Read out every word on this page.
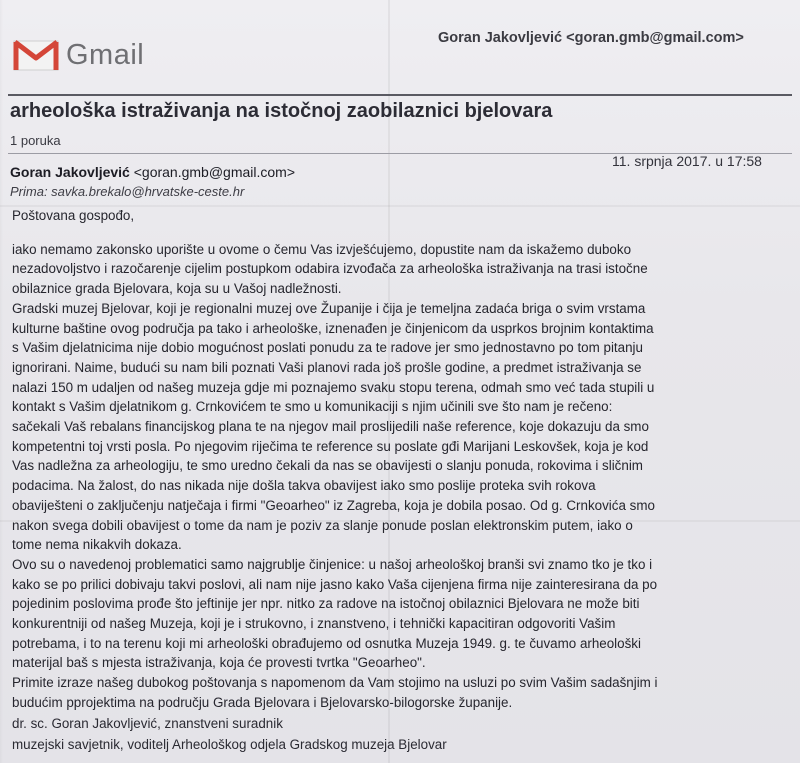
Gmail
Goran Jakovljević <goran.gmb@gmail.com>
arheološka istraživanja na istočnoj zaobilaznici bjelovara
1 poruka
Goran Jakovljević <goran.gmb@gmail.com>
11. srpnja 2017. u 17:58
Prima: savka.brekalo@hrvatske-ceste.hr
Poštovana gospođo,
iako nemamo zakonsko uporište u ovome o čemu Vas izvješćujemo, dopustite nam da iskažemo duboko
nezadovoljstvo i razočarenje cijelim postupkom odabira izvođača za arheološka istraživanja na trasi istočne
obilaznice grada Bjelovara, koja su u Vašoj nadležnosti.
Gradski muzej Bjelovar, koji je regionalni muzej ove Županije i čija je temeljna zadaća briga o svim vrstama
kulturne baštine ovog područja pa tako i arheološke, iznenađen je činjenicom da usprkos brojnim kontaktima
s Vašim djelatnicima nije dobio mogućnost poslati ponudu za te radove jer smo jednostavno po tom pitanju
ignorirani. Naime, budući su nam bili poznati Vaši planovi rada još prošle godine, a predmet istraživanja se
nalazi 150 m udaljen od našeg muzeja gdje mi poznajemo svaku stopu terena, odmah smo već tada stupili u
kontakt s Vašim djelatnikom g. Crnkovićem te smo u komunikaciji s njim učinili sve što nam je rečeno:
sačekali Vaš rebalans financijskog plana te na njegov mail proslijedili naše reference, koje dokazuju da smo
kompetentni toj vrsti posla. Po njegovim riječima te reference su poslate gđi Marijani Leskovšek, koja je kod
Vas nadležna za arheologiju, te smo uredno čekali da nas se obavijesti o slanju ponuda, rokovima i sličnim
podacima. Na žalost, do nas nikada nije došla takva obavijest iako smo poslije proteka svih rokova
obaviješteni o zaključenju natječaja i firmi "Geoarheo" iz Zagreba, koja je dobila posao. Od g. Crnkovića smo
nakon svega dobili obavijest o tome da nam je poziv za slanje ponude poslan elektronskim putem, iako o
tome nema nikakvih dokaza.
Ovo su o navedenoj problematici samo najgrublje činjenice: u našoj arheološkoj branši svi znamo tko je tko i
kako se po prilici dobivaju takvi poslovi, ali nam nije jasno kako Vaša cijenjena firma nije zainteresirana da po
pojedinim poslovima prođe što jeftinije jer npr. nitko za radove na istočnoj obilaznici Bjelovara ne može biti
konkurentniji od našeg Muzeja, koji je i strukovno, i znanstveno, i tehnički kapacitiran odgovoriti Vašim
potrebama, i to na terenu koji mi arheološki obrađujemo od osnutka Muzeja 1949. g. te čuvamo arheološki
materijal baš s mjesta istraživanja, koja će provesti tvrtka "Geoarheo".
Primite izraze našeg dubokog poštovanja s napomenom da Vam stojimo na usluzi po svim Vašim sadašnjim i
budućim pprojektima na području Grada Bjelovara i Bjelovarsko-bilogorske županije.
dr. sc. Goran Jakovljević, znanstveni suradnik
muzejski savjetnik, voditelj Arheološkog odjela Gradskog muzeja Bjelovar
